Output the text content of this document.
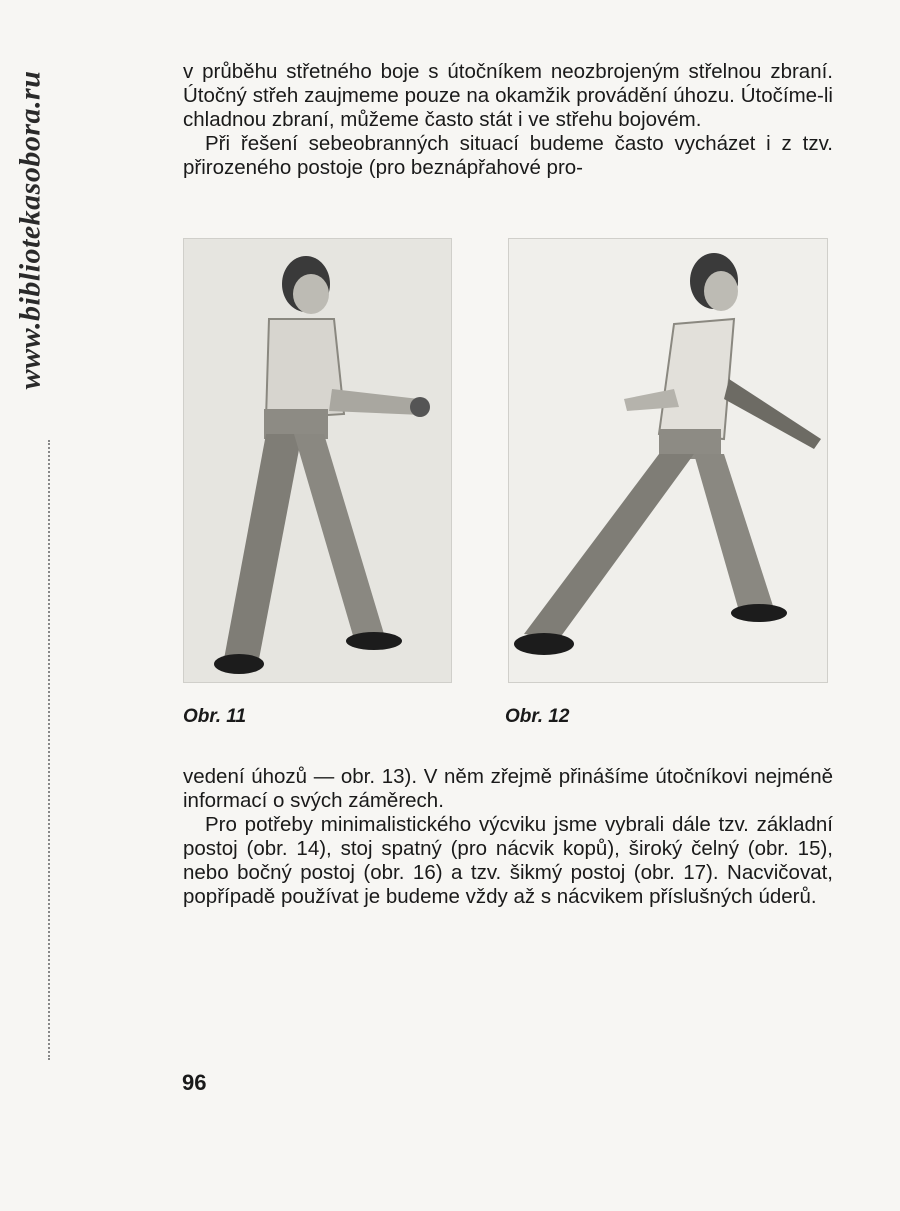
www.bibliotekasobora.ru	v průběhu střetného boje s útočníkem neozbrojeným střelnou zbraní. Útočný střeh zaujmeme pouze na okamžik provádění úhozu. Útočíme-li chladnou zbraní, můžeme často stát i ve střehu bojovém.

Při řešení sebeobranných situací budeme často vycházet i z tzv. přirozeného postoje (pro beznápřahové pro-

Obr. 11	Obr. 12

vedení úhozů — obr. 13). V něm zřejmě přinášíme útočníkovi nejméně informací o svých záměrech.

Pro potřeby minimalistického výcviku jsme vybrali dále tzv. základní postoj (obr. 14), stoj spatný (pro nácvik kopů), široký čelný (obr. 15), nebo bočný postoj (obr. 16) a tzv. šikmý postoj (obr. 17). Nacvičovat, popřípadě používat je budeme vždy až s nácvikem příslušných úderů.

96
